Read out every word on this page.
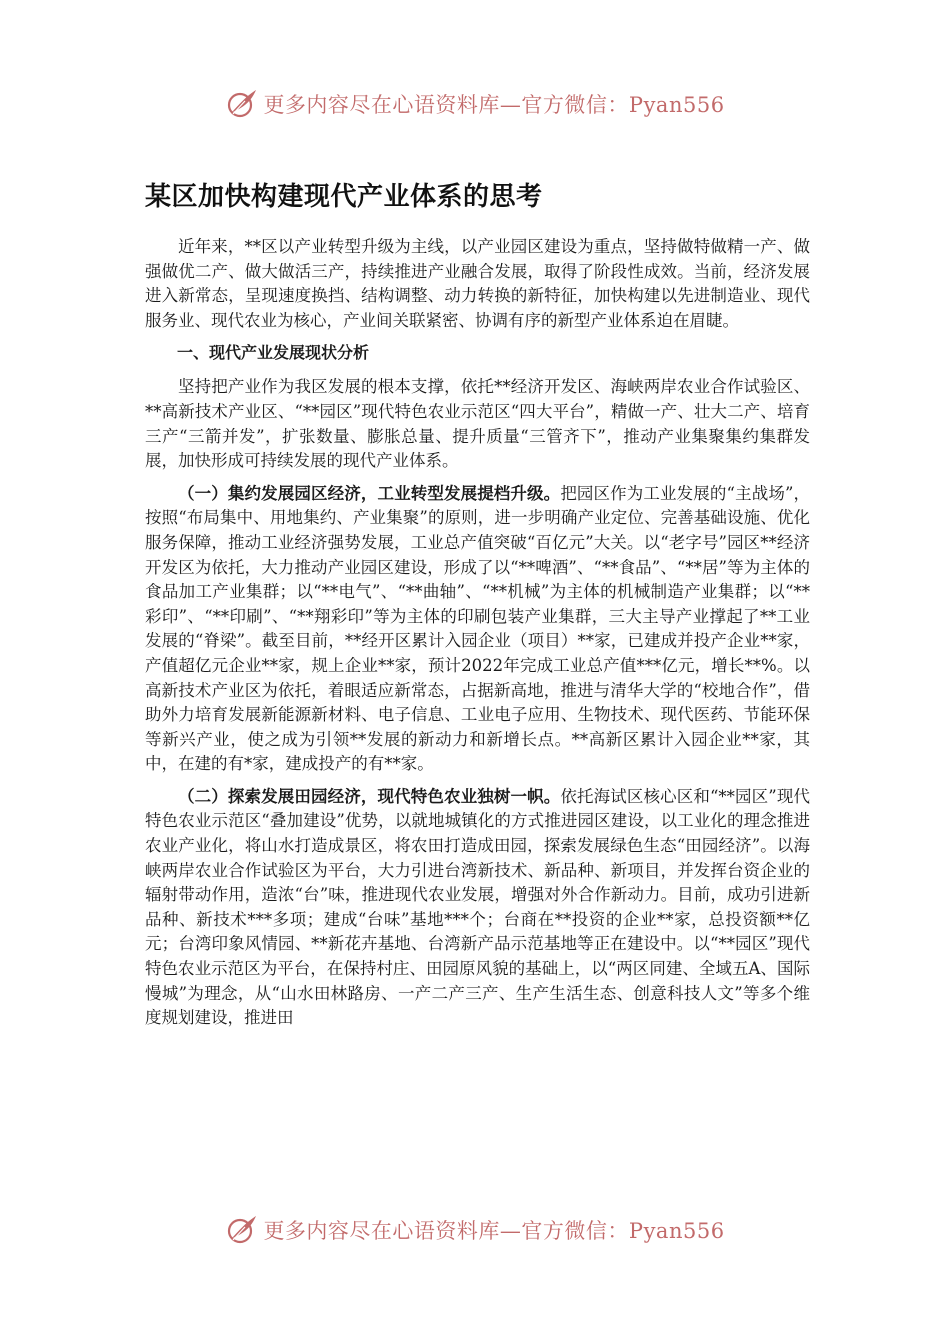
更多内容尽在心语资料库—官方微信：Pyan556
某区加快构建现代产业体系的思考

近年来，**区以产业转型升级为主线，以产业园区建设为重点，坚持做特做精一产、做强做优二产、做大做活三产，持续推进产业融合发展，取得了阶段性成效。当前，经济发展进入新常态，呈现速度换挡、结构调整、动力转换的新特征，加快构建以先进制造业、现代服务业、现代农业为核心，产业间关联紧密、协调有序的新型产业体系迫在眉睫。

一、现代产业发展现状分析

坚持把产业作为我区发展的根本支撑，依托**经济开发区、海峡两岸农业合作试验区、**高新技术产业区、“**园区”现代特色农业示范区“四大平台”，精做一产、壮大二产、培育三产“三箭并发”，扩张数量、膨胀总量、提升质量“三管齐下”，推动产业集聚集约集群发展，加快形成可持续发展的现代产业体系。

（一）集约发展园区经济，工业转型发展提档升级。把园区作为工业发展的“主战场”，按照“布局集中、用地集约、产业集聚”的原则，进一步明确产业定位、完善基础设施、优化服务保障，推动工业经济强势发展，工业总产值突破“百亿元”大关。以“老字号”园区**经济开发区为依托，大力推动产业园区建设，形成了以“**啤酒”、“**食品”、“**居”等为主体的食品加工产业集群；以“**电气”、“**曲轴”、“**机械”为主体的机械制造产业集群；以“**彩印”、“**印刷”、“**翔彩印”等为主体的印刷包装产业集群，三大主导产业撑起了**工业发展的“脊梁”。截至目前，**经开区累计入园企业（项目）**家，已建成并投产企业**家，产值超亿元企业**家，规上企业**家，预计2022年完成工业总产值***亿元，增长**%。以高新技术产业区为依托，着眼适应新常态，占据新高地，推进与清华大学的“校地合作”，借助外力培育发展新能源新材料、电子信息、工业电子应用、生物技术、现代医药、节能环保等新兴产业，使之成为引领**发展的新动力和新增长点。**高新区累计入园企业**家，其中，在建的有*家，建成投产的有**家。

（二）探索发展田园经济，现代特色农业独树一帜。依托海试区核心区和“**园区”现代特色农业示范区“叠加建设”优势，以就地城镇化的方式推进园区建设，以工业化的理念推进农业产业化，将山水打造成景区，将农田打造成田园，探索发展绿色生态“田园经济”。以海峡两岸农业合作试验区为平台，大力引进台湾新技术、新品种、新项目，并发挥台资企业的辐射带动作用，造浓“台”味，推进现代农业发展，增强对外合作新动力。目前，成功引进新品种、新技术***多项；建成“台味”基地***个；台商在**投资的企业**家，总投资额**亿元；台湾印象风情园、**新花卉基地、台湾新产品示范基地等正在建设中。以“**园区”现代特色农业示范区为平台，在保持村庄、田园原风貌的基础上，以“两区同建、全域五A、国际慢城”为理念，从“山水田林路房、一产二产三产、生产生活生态、创意科技人文”等多个维度规划建设，推进田

更多内容尽在心语资料库—官方微信：Pyan556
